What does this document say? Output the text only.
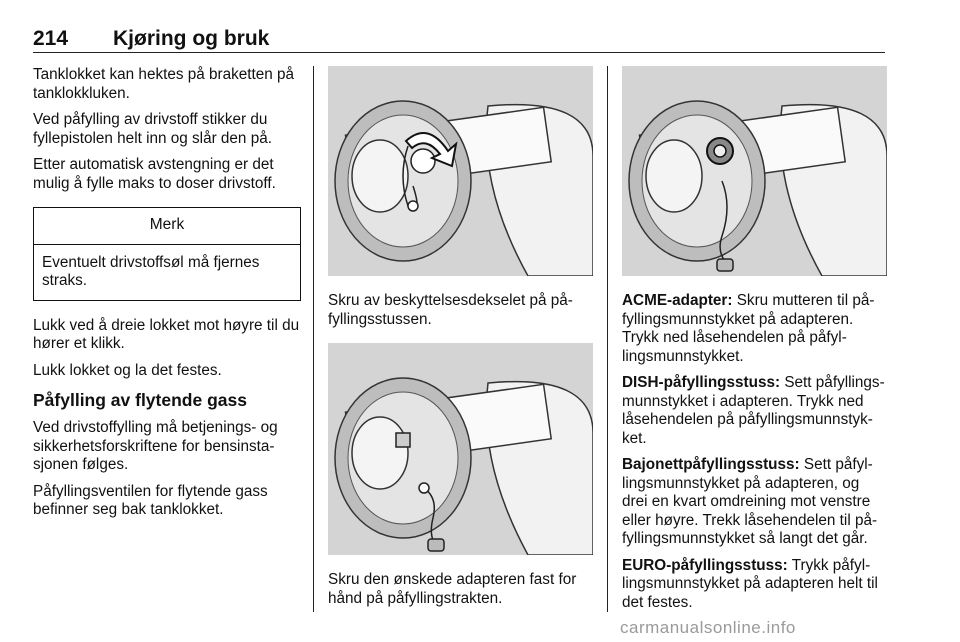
214 Kjøring og bruk

Tanklokket kan hektes på braketten på tanklokkluken.

Ved påfylling av drivstoff stikker du fyllepistolen helt inn og slår den på.

Etter automatisk avstengning er det mulig å fylle maks to doser drivstoff.

Merk
Eventuelt drivstoffsøl må fjernes straks.

Lukk ved å dreie lokket mot høyre til du hører et klikk.

Lukk lokket og la det festes.

Påfylling av flytende gass

Ved drivstoffylling må betjenings- og sikkerhetsforskriftene for bensinstasjonen følges.

Påfyllingsventilen for flytende gass befinner seg bak tanklokket.

Skru av beskyttelsesdekselet på påfyllingsstussen.

Skru den ønskede adapteren fast for hånd på påfyllingstrakten.

ACME-adapter: Skru mutteren til påfyllingsmunnstykket på adapteren. Trykk ned låsehendelen på påfyllingsmunnstykket.

DISH-påfyllingsstuss: Sett påfyllingsmunnstykket i adapteren. Trykk ned låsehendelen på påfyllingsmunnstykket.

Bajonettpåfyllingsstuss: Sett påfyllingsmunnstykket på adapteren, og drei en kvart omdreining mot venstre eller høyre. Trekk låsehendelen til påfyllingsmunnstykket så langt det går.

EURO-påfyllingsstuss: Trykk påfyllingsmunnstykket på adapteren helt til det festes.

carmanualsonline.info
